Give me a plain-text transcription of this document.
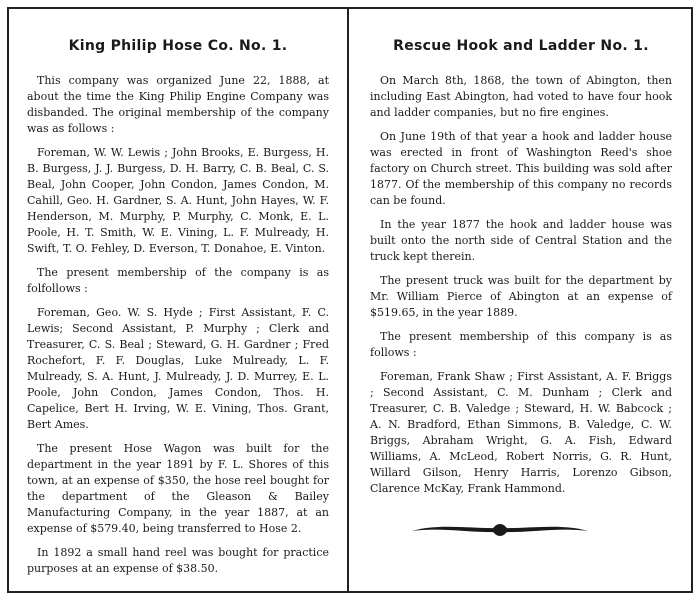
King Philip Hose Co. No. 1.

This company was organized June 22, 1888, at about the time the King Philip Engine Company was disbanded. The original membership of the company was as follows :

Foreman, W. W. Lewis ; John Brooks, E. Burgess, H. B. Burgess, J. J. Burgess, D. H. Barry, C. B. Beal, C. S. Beal, John Cooper, John Condon, James Condon, M. Cahill, Geo. H. Gardner, S. A. Hunt, John Hayes, W. F. Henderson, M. Murphy, P. Murphy, C. Monk, E. L. Poole, H. T. Smith, W. E. Vining, L. F. Mulready, H. Swift, T. O. Fehley, D. Everson, T. Donahoe, E. Vinton.

The present membership of the company is as folfollows :

Foreman, Geo. W. S. Hyde ; First Assistant, F. C. Lewis; Second Assistant, P. Murphy ; Clerk and Treasurer, C. S. Beal ; Steward, G. H. Gardner ; Fred Rochefort, F. F. Douglas, Luke Mulready, L. F. Mulready, S. A. Hunt, J. Mulready, J. D. Murrey, E. L. Poole, John Condon, James Condon, Thos. H. Capelice, Bert H. Irving, W. E. Vining, Thos. Grant, Bert Ames.

The present Hose Wagon was built for the department in the year 1891 by F. L. Shores of this town, at an expense of $350, the hose reel bought for the department of the Gleason & Bailey Manufacturing Company, in the year 1887, at an expense of $579.40, being transferred to Hose 2.

In 1892 a small hand reel was bought for practice purposes at an expense of $38.50.

Rescue Hook and Ladder No. 1.

On March 8th, 1868, the town of Abington, then including East Abington, had voted to have four hook and ladder companies, but no fire engines.

On June 19th of that year a hook and ladder house was erected in front of Washington Reed's shoe factory on Church street. This building was sold after 1877. Of the membership of this company no records can be found.

In the year 1877 the hook and ladder house was built onto the north side of Central Station and the truck kept therein.

The present truck was built for the department by Mr. William Pierce of Abington at an expense of $519.65, in the year 1889.

The present membership of this company is as follows :

Foreman, Frank Shaw ; First Assistant, A. F. Briggs ; Second Assistant, C. M. Dunham ; Clerk and Treasurer, C. B. Valedge ; Steward, H. W. Babcock ; A. N. Bradford, Ethan Simmons, B. Valedge, C. W. Briggs, Abraham Wright, G. A. Fish, Edward Williams, A. McLeod, Robert Norris, G. R. Hunt, Willard Gilson, Henry Harris, Lorenzo Gibson, Clarence McKay, Frank Hammond.
